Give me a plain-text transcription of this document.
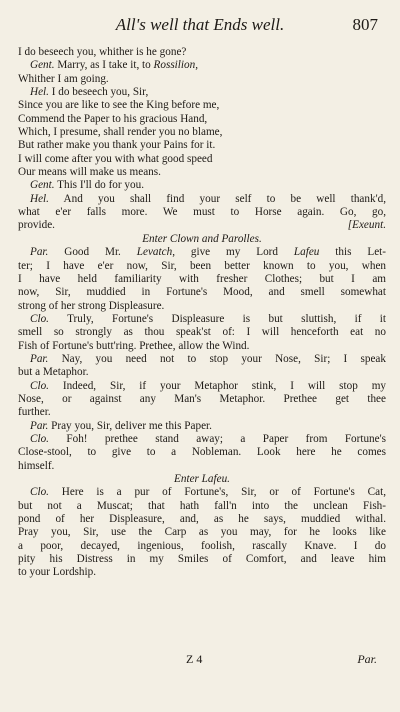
All's well that Ends well.	807
I do beseech you, whither is he gone?
Gent. Marry, as I take it, to Rossilion,
Whither I am going.
Hel. I do beseech you, Sir,
Since you are like to see the King before me,
Commend the Paper to his gracious Hand,
Which, I presume, shall render you no blame,
But rather make you thank your Pains for it.
I will come after you with what good speed
Our means will make us means.
Gent. This I'll do for you.
Hel. And you shall find your self to be well thank'd,
what e'er falls more. We must to Horse again. Go, go,
provide.	[Exeunt.
Enter Clown and Parolles.
Par. Good Mr. Levatch, give my Lord Lafeu this Let-
ter; I have e'er now, Sir, been better known to you, when
I have held familiarity with fresher Clothes; but I am
now, Sir, muddied in Fortune's Mood, and smell somewhat
strong of her strong Displeasure.
Clo. Truly, Fortune's Displeasure is but sluttish, if it
smell so strongly as thou speak'st of: I will henceforth eat no
Fish of Fortune's butt'ring. Prethee, allow the Wind.
Par. Nay, you need not to stop your Nose, Sir; I speak
but a Metaphor.
Clo. Indeed, Sir, if your Metaphor stink, I will stop my
Nose, or against any Man's Metaphor. Prethee get thee
further.
Par. Pray you, Sir, deliver me this Paper.
Clo. Foh! prethee stand away; a Paper from Fortune's
Close-stool, to give to a Nobleman. Look here he comes
himself.
Enter Lafeu.
Clo. Here is a pur of Fortune's, Sir, or of Fortune's Cat,
but not a Muscat; that hath fall'n into the unclean Fish-
pond of her Displeasure, and, as he says, muddied withal.
Pray you, Sir, use the Carp as you may, for he looks like
a poor, decayed, ingenious, foolish, rascally Knave. I do
pity his Distress in my Smiles of Comfort, and leave him
to your Lordship.
Z 4	Par.
